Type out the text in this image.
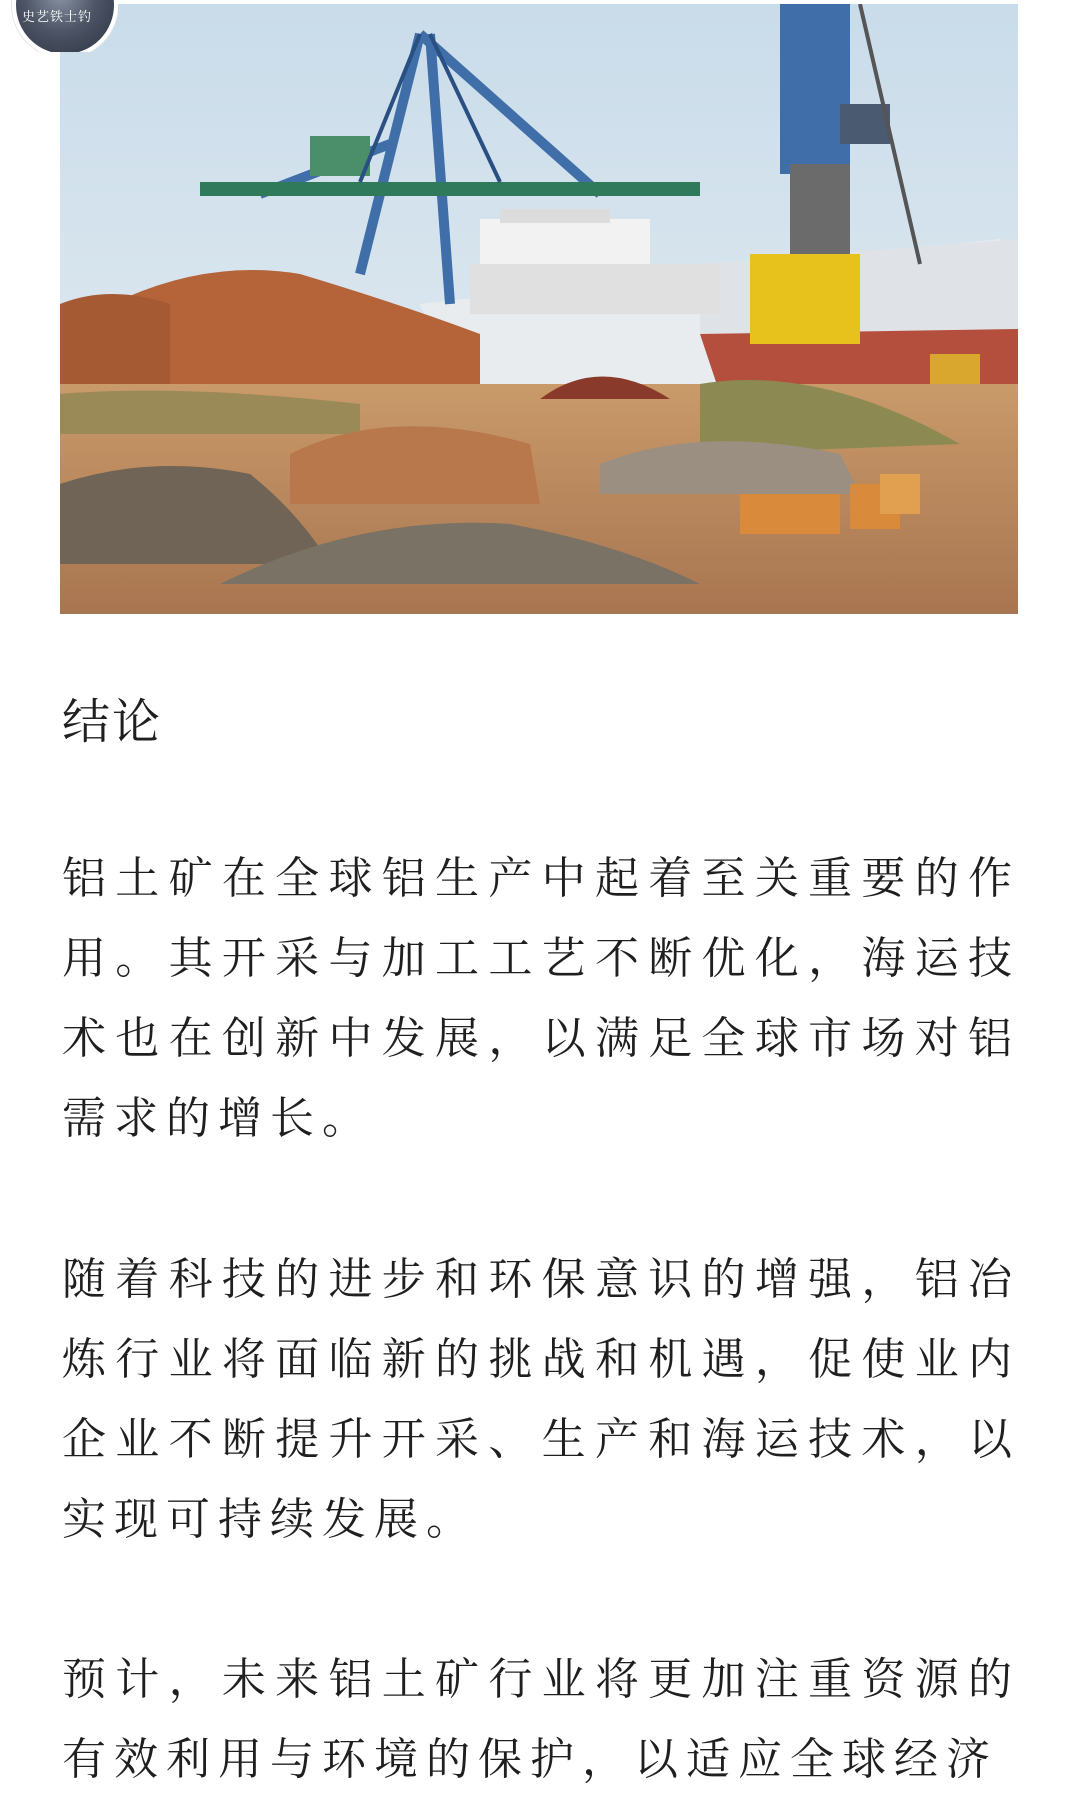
史艺铁士钓
结论

铝土矿在全球铝生产中起着至关重要的作用。其开采与加工工艺不断优化，海运技术也在创新中发展，以满足全球市场对铝需求的增长。

随着科技的进步和环保意识的增强，铝冶炼行业将面临新的挑战和机遇，促使业内企业不断提升开采、生产和海运技术，以实现可持续发展。

预计，未来铝土矿行业将更加注重资源的有效利用与环境的保护，以适应全球经济
